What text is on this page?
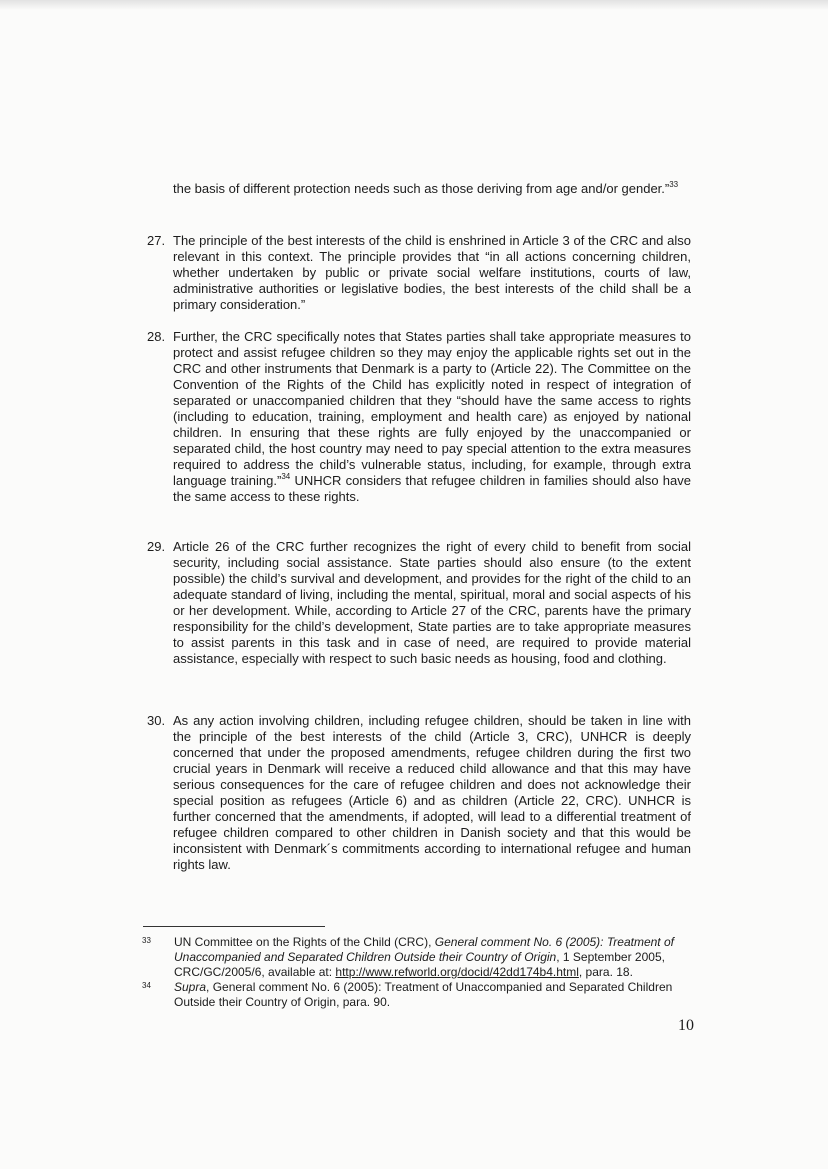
the basis of different protection needs such as those deriving from age and/or gender.”$^{33}$

27. The principle of the best interests of the child is enshrined in Article 3 of the CRC and also relevant in this context. The principle provides that “in all actions concerning children, whether undertaken by public or private social welfare institutions, courts of law, administrative authorities or legislative bodies, the best interests of the child shall be a primary consideration.”

28. Further, the CRC specifically notes that States parties shall take appropriate measures to protect and assist refugee children so they may enjoy the applicable rights set out in the CRC and other instruments that Denmark is a party to (Article 22). The Committee on the Convention of the Rights of the Child has explicitly noted in respect of integration of separated or unaccompanied children that they “should have the same access to rights (including to education, training, employment and health care) as enjoyed by national children. In ensuring that these rights are fully enjoyed by the unaccompanied or separated child, the host country may need to pay special attention to the extra measures required to address the child’s vulnerable status, including, for example, through extra language training.”$^{34}$ UNHCR considers that refugee children in families should also have the same access to these rights.

29. Article 26 of the CRC further recognizes the right of every child to benefit from social security, including social assistance. State parties should also ensure (to the extent possible) the child’s survival and development, and provides for the right of the child to an adequate standard of living, including the mental, spiritual, moral and social aspects of his or her development. While, according to Article 27 of the CRC, parents have the primary responsibility for the child’s development, State parties are to take appropriate measures to assist parents in this task and in case of need, are required to provide material assistance, especially with respect to such basic needs as housing, food and clothing.

30. As any action involving children, including refugee children, should be taken in line with the principle of the best interests of the child (Article 3, CRC), UNHCR is deeply concerned that under the proposed amendments, refugee children during the first two crucial years in Denmark will receive a reduced child allowance and that this may have serious consequences for the care of refugee children and does not acknowledge their special position as refugees (Article 6) and as children (Article 22, CRC). UNHCR is further concerned that the amendments, if adopted, will lead to a differential treatment of refugee children compared to other children in Danish society and that this would be inconsistent with Denmark´s commitments according to international refugee and human rights law.

33	UN Committee on the Rights of the Child (CRC), General comment No. 6 (2005): Treatment of Unaccompanied and Separated Children Outside their Country of Origin, 1 September 2005, CRC/GC/2005/6, available at: http://www.refworld.org/docid/42dd174b4.html, para. 18.

34	Supra, General comment No. 6 (2005): Treatment of Unaccompanied and Separated Children Outside their Country of Origin, para. 90.

10
